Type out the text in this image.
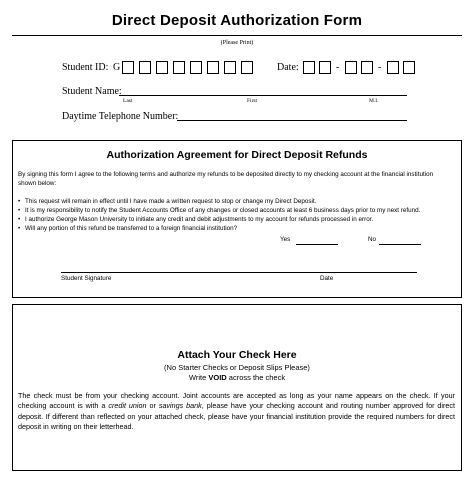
Direct Deposit Authorization Form
(Please Print)
Student ID: G	Date:	-	-
Student Name:
Last	First	M.I.
Daytime Telephone Number:
Authorization Agreement for Direct Deposit Refunds
By signing this form I agree to the following terms and authorize my refunds to be deposited directly to my checking account at the financial institution shown below:
• This request will remain in effect until I have made a written request to stop or change my Direct Deposit.
• It is my responsibility to notify the Student Accounts Office of any changes or closed accounts at least 6 business days prior to my next refund.
• I authorize George Mason University to initiate any credit and debit adjustments to my account for refunds processed in error.
• Will any portion of this refund be transferred to a foreign financial institution?
Yes	No
Student Signature	Date
Attach Your Check Here
(No Starter Checks or Deposit Slips Please)
Write VOID across the check
The check must be from your checking account. Joint accounts are accepted as long as your name appears on the check. If your checking account is with a credit union or savings bank, please have your checking account and routing number approved for direct deposit. If different than reflected on your attached check, please have your financial institution provide the required numbers for direct deposit in writing on their letterhead.
